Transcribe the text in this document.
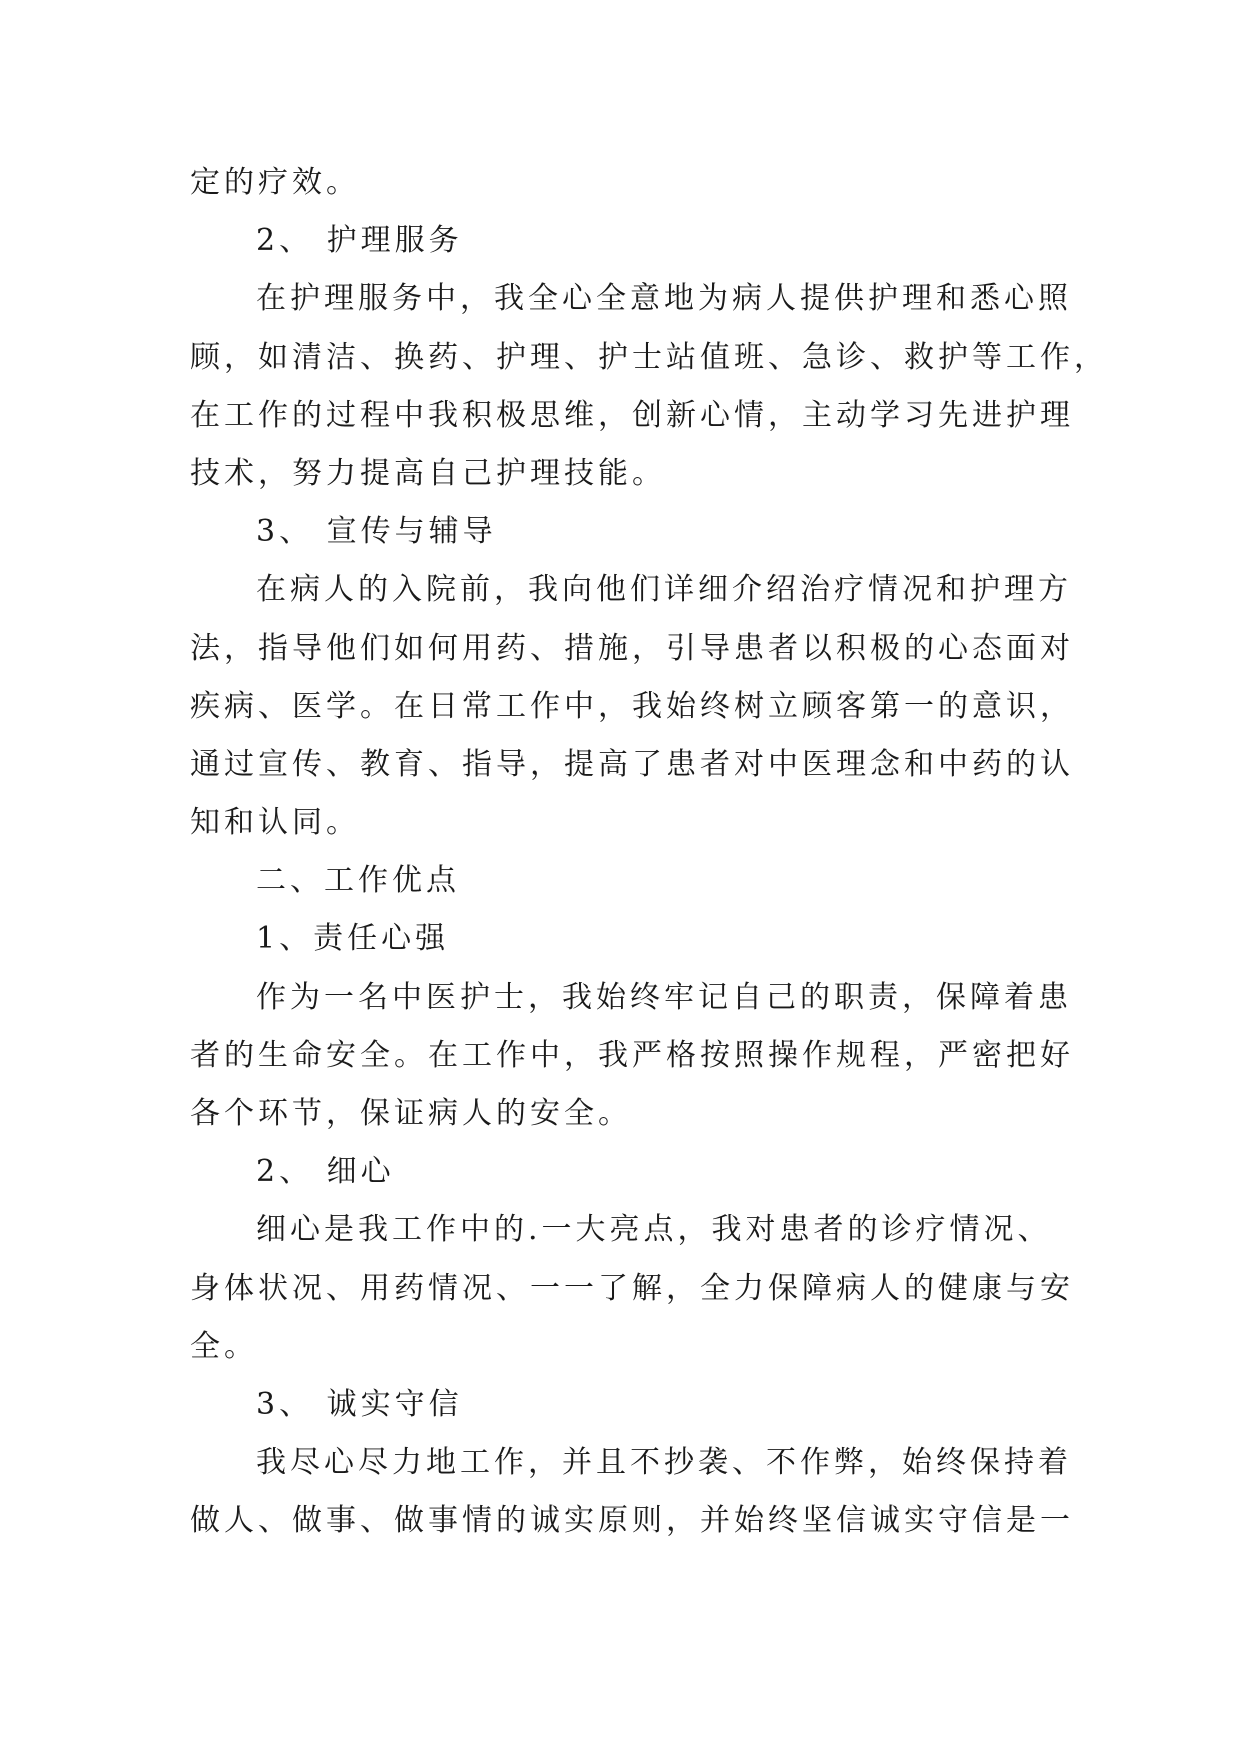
定的疗效。
2、 护理服务
在护理服务中，我全心全意地为病人提供护理和悉心照
顾，如清洁、换药、护理、护士站值班、急诊、救护等工作，
在工作的过程中我积极思维，创新心情，主动学习先进护理
技术，努力提高自己护理技能。
3、 宣传与辅导
在病人的入院前，我向他们详细介绍治疗情况和护理方
法，指导他们如何用药、措施，引导患者以积极的心态面对
疾病、医学。在日常工作中，我始终树立顾客第一的意识，
通过宣传、教育、指导，提高了患者对中医理念和中药的认
知和认同。
二、工作优点
1、责任心强
作为一名中医护士，我始终牢记自己的职责，保障着患
者的生命安全。在工作中，我严格按照操作规程，严密把好
各个环节，保证病人的安全。
2、 细心
细心是我工作中的.一大亮点，我对患者的诊疗情况、
身体状况、用药情况、一一了解，全力保障病人的健康与安
全。
3、 诚实守信
我尽心尽力地工作，并且不抄袭、不作弊，始终保持着
做人、做事、做事情的诚实原则，并始终坚信诚实守信是一
